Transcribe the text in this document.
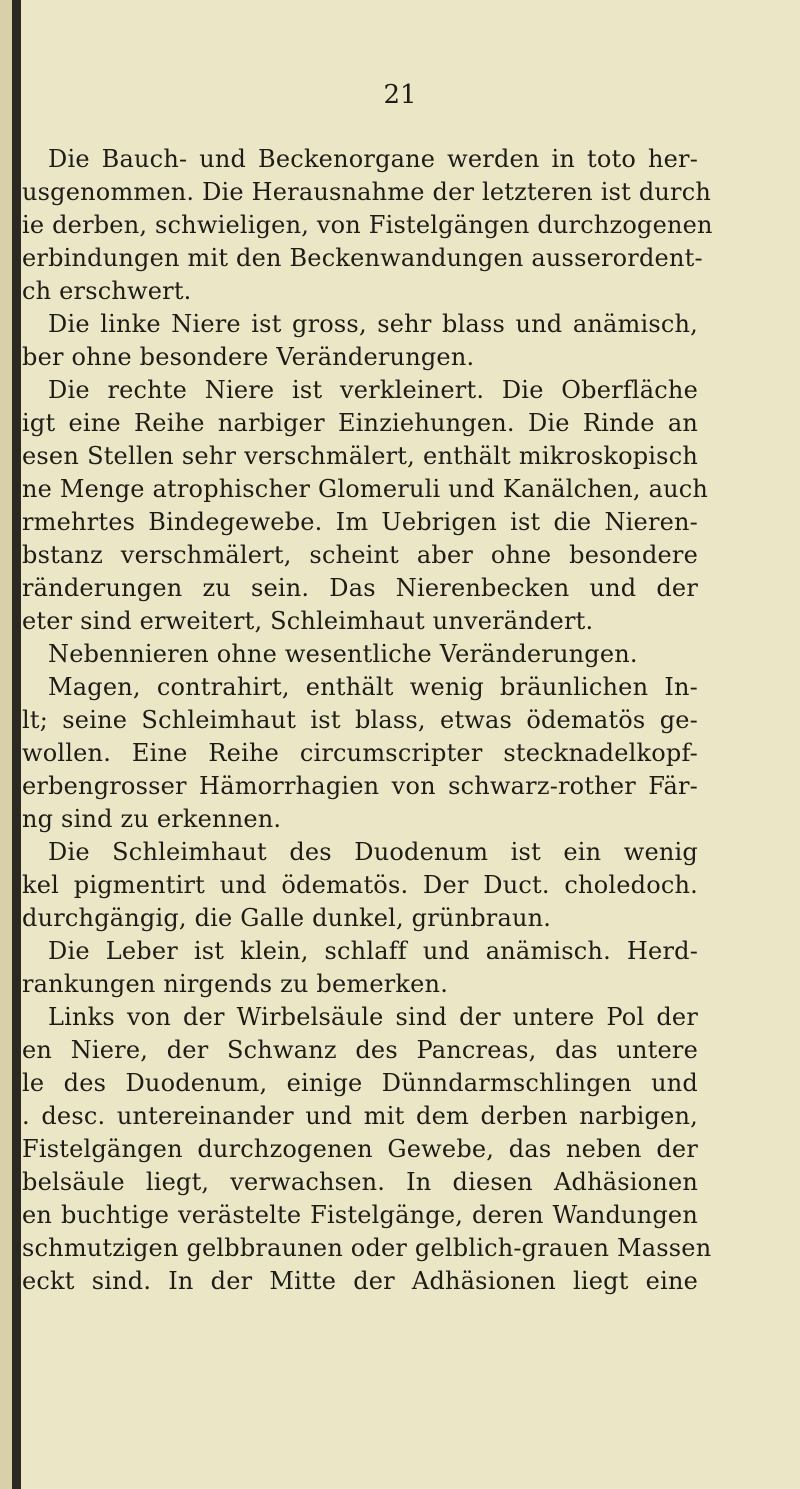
21
Die Bauch- und Beckenorgane werden in toto her-
usgenommen. Die Herausnahme der letzteren ist durch
ie derben, schwieligen, von Fistelgängen durchzogenen
erbindungen mit den Beckenwandungen ausserordent-
ch erschwert.
Die linke Niere ist gross, sehr blass und anämisch,
ber ohne besondere Veränderungen.
Die rechte Niere ist verkleinert. Die Oberfläche
igt eine Reihe narbiger Einziehungen. Die Rinde an
esen Stellen sehr verschmälert, enthält mikroskopisch
ne Menge atrophischer Glomeruli und Kanälchen, auch
rmehrtes Bindegewebe. Im Uebrigen ist die Nieren-
bstanz verschmälert, scheint aber ohne besondere
ränderungen zu sein. Das Nierenbecken und der
eter sind erweitert, Schleimhaut unverändert.
Nebennieren ohne wesentliche Veränderungen.
Magen, contrahirt, enthält wenig bräunlichen In-
lt; seine Schleimhaut ist blass, etwas ödematös ge-
wollen. Eine Reihe circumscripter stecknadelkopf-
erbengrosser Hämorrhagien von schwarz-rother Fär-
ng sind zu erkennen.
Die Schleimhaut des Duodenum ist ein wenig
kel pigmentirt und ödematös. Der Duct. choledoch.
durchgängig, die Galle dunkel, grünbraun.
Die Leber ist klein, schlaff und anämisch. Herd-
rankungen nirgends zu bemerken.
Links von der Wirbelsäule sind der untere Pol der
en Niere, der Schwanz des Pancreas, das untere
le des Duodenum, einige Dünndarmschlingen und
. desc. untereinander und mit dem derben narbigen,
Fistelgängen durchzogenen Gewebe, das neben der
belsäule liegt, verwachsen. In diesen Adhäsionen
en buchtige verästelte Fistelgänge, deren Wandungen
schmutzigen gelbbraunen oder gelblich-grauen Massen
eckt sind. In der Mitte der Adhäsionen liegt eine
